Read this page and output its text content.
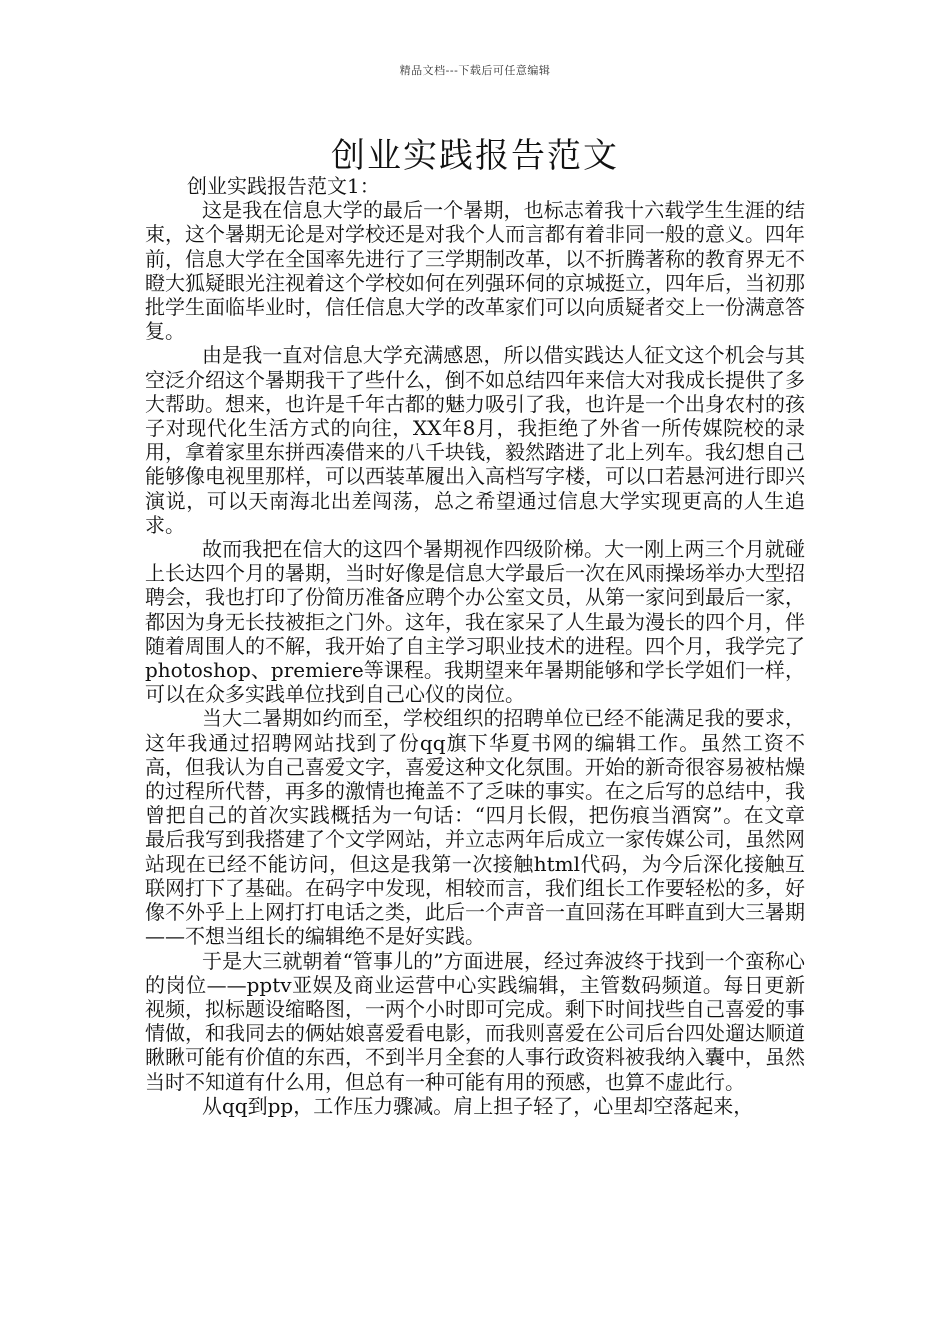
精品文档---下载后可任意编辑
创业实践报告范文

创业实践报告范文1：

这是我在信息大学的最后一个暑期，也标志着我十六载学生生涯的结束，这个暑期无论是对学校还是对我个人而言都有着非同一般的意义。四年前，信息大学在全国率先进行了三学期制改革，以不折腾著称的教育界无不瞪大狐疑眼光注视着这个学校如何在列强环伺的京城挺立，四年后，当初那批学生面临毕业时，信任信息大学的改革家们可以向质疑者交上一份满意答复。

由是我一直对信息大学充满感恩，所以借实践达人征文这个机会与其空泛介绍这个暑期我干了些什么，倒不如总结四年来信大对我成长提供了多大帮助。想来，也许是千年古都的魅力吸引了我，也许是一个出身农村的孩子对现代化生活方式的向往，XX年8月，我拒绝了外省一所传媒院校的录用，拿着家里东拼西凑借来的八千块钱，毅然踏进了北上列车。我幻想自己能够像电视里那样，可以西装革履出入高档写字楼，可以口若悬河进行即兴演说，可以天南海北出差闯荡，总之希望通过信息大学实现更高的人生追求。

故而我把在信大的这四个暑期视作四级阶梯。大一刚上两三个月就碰上长达四个月的暑期，当时好像是信息大学最后一次在风雨操场举办大型招聘会，我也打印了份简历准备应聘个办公室文员，从第一家问到最后一家，都因为身无长技被拒之门外。这年，我在家呆了人生最为漫长的四个月，伴随着周围人的不解，我开始了自主学习职业技术的进程。四个月，我学完了photoshop、premiere等课程。我期望来年暑期能够和学长学姐们一样，可以在众多实践单位找到自己心仪的岗位。

当大二暑期如约而至，学校组织的招聘单位已经不能满足我的要求，这年我通过招聘网站找到了份qq旗下华夏书网的编辑工作。虽然工资不高，但我认为自己喜爱文字，喜爱这种文化氛围。开始的新奇很容易被枯燥的过程所代替，再多的激情也掩盖不了乏味的事实。在之后写的总结中，我曾把自己的首次实践概括为一句话：“四月长假，把伤痕当酒窝”。在文章最后我写到我搭建了个文学网站，并立志两年后成立一家传媒公司，虽然网站现在已经不能访问，但这是我第一次接触html代码，为今后深化接触互联网打下了基础。在码字中发现，相较而言，我们组长工作要轻松的多，好像不外乎上上网打打电话之类，此后一个声音一直回荡在耳畔直到大三暑期——不想当组长的编辑绝不是好实践。

于是大三就朝着“管事儿的”方面进展，经过奔波终于找到一个蛮称心的岗位——pptv亚娱及商业运营中心实践编辑，主管数码频道。每日更新视频，拟标题设缩略图，一两个小时即可完成。剩下时间找些自己喜爱的事情做，和我同去的俩姑娘喜爱看电影，而我则喜爱在公司后台四处遛达顺道瞅瞅可能有价值的东西，不到半月全套的人事行政资料被我纳入囊中，虽然当时不知道有什么用，但总有一种可能有用的预感，也算不虚此行。

从qq到pp，工作压力骤减。肩上担子轻了，心里却空落起来，
